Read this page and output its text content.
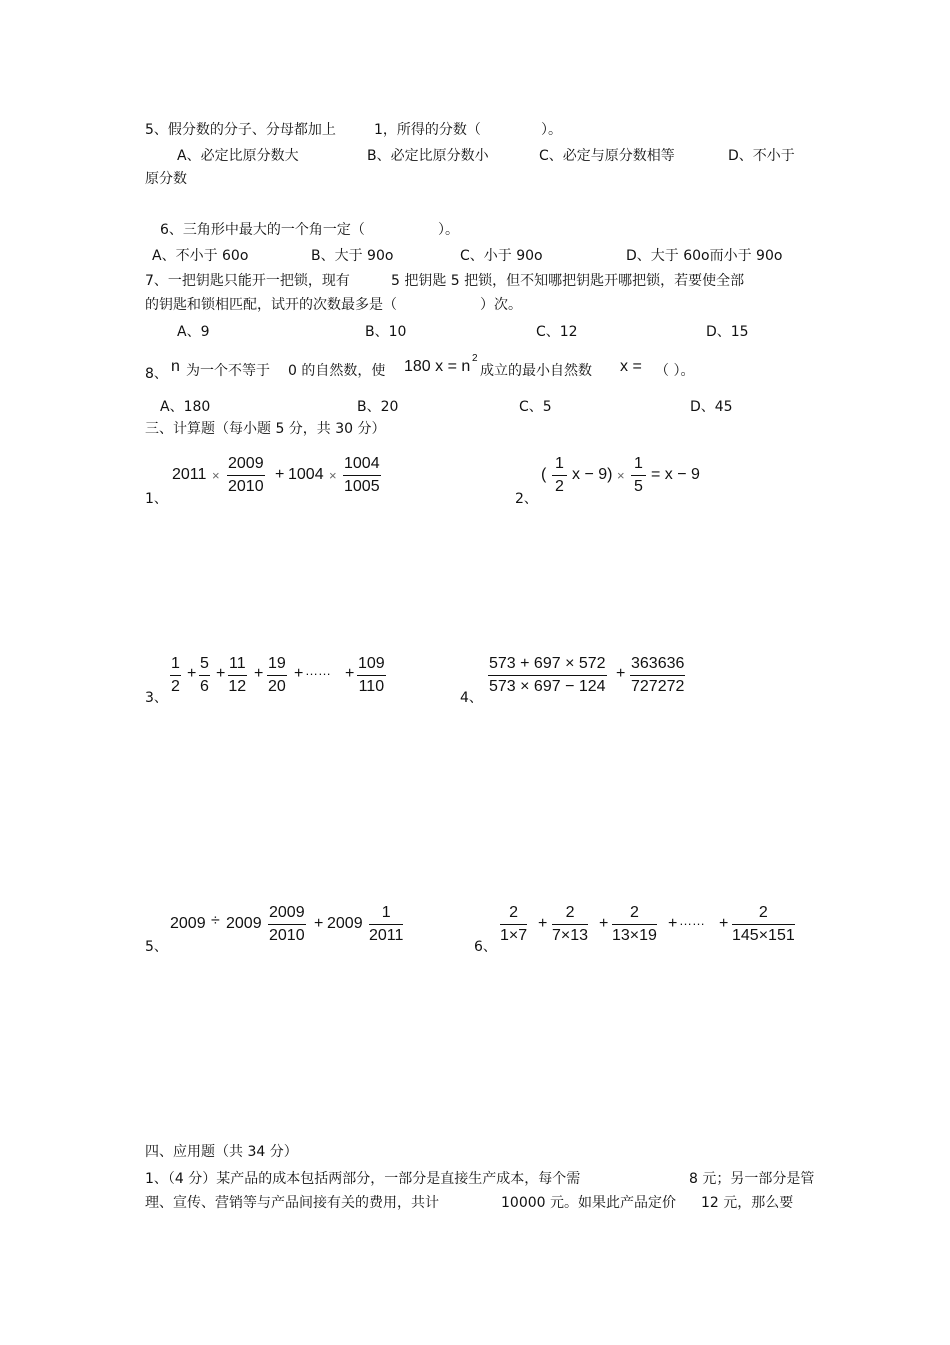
5、假分数的分子、分母都加上	1，所得的分数（	）。
A、必定比原分数大	B、必定比原分数小	C、必定与原分数相等	D、不小于
原分数
6、三角形中最大的一个角一定（	）。
A、不小于 60o	B、大于 90o	C、小于 90o	D、大于 60o而小于 90o
7、一把钥匙只能开一把锁，现有	5 把钥匙 5 把锁，但不知哪把钥匙开哪把锁，若要使全部
的钥匙和锁相匹配，试开的次数最多是（	）次。
A、9	B、10	C、12	D、15
8、 n 为一个不等于 0 的自然数，使 180 x = n 2
成立的最小自然数 x = （ ）。
A、180	B、20	C、5	D、45
三、计算题（每小题 5 分，共 30 分）
1、
$2011 \times \frac{2009}{2010} + 1004 \times \frac{1004}{1005}$
2、
( $\frac{1}{2}$ $x - 9) \times \frac{1}{5} = x - 9$
3、 $\frac{1}{2} + \frac{5}{6} + \frac{11}{12} + \frac{19}{20}$ + …… + $\frac{109}{110}$	4、 $\frac{573 + 697 \times 572}{573 \times 697 - 124} + \frac{363636}{727272}$
5、
$2009 \div 2009 \frac{2009}{2010} + 2009 \frac{1}{2011}$	6、 $\frac{2}{1\times 7} + \frac{2}{7\times 13} + \frac{2}{13\times 19}$ + …… + $\frac{2}{145\times 151}$
四、应用题（共 34 分）
1、（4 分）某产品的成本包括两部分，一部分是直接生产成本，每个需	8 元；另一部分是管
理、宣传、营销等与产品间接有关的费用，共计	10000 元。如果此产品定价 12 元，那么要
